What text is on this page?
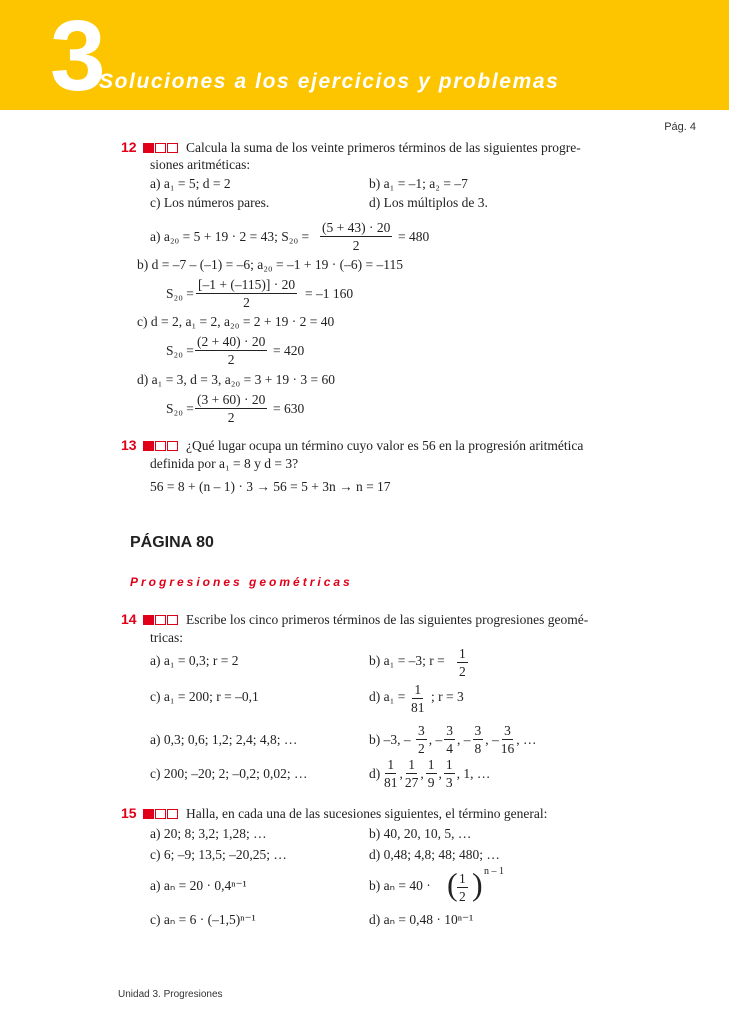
3
Soluciones a los ejercicios y problemas
Pág. 4
12	Calcula la suma de los veinte primeros términos de las siguientes progre-
siones aritméticas:
a) a₁ = 5; d = 2	b) a₁ = –1; a₂ = –7
c) Los números pares.	d) Los múltiplos de 3.
a) a₂₀ = 5 + 19 · 2 = 43; $S_{20} = \frac{(5 + 43) \cdot 20}{2} = 480$
b) d = –7 – (–1) = –6; a₂₀ = –1 + 19 · (–6) = –115
$S_{20} = \frac{[-1 + (-115)] \cdot 20}{2} = -1$ 160
c) d = 2, a₁ = 2, a₂₀ = 2 + 19 · 2 = 40
$S_{20} = \frac{(2 + 40) \cdot 20}{2} = 420$
d) a₁ = 3, d = 3, a₂₀ = 3 + 19 · 3 = 60
$S_{20} = \frac{(3 + 60) \cdot 20}{2} = 630$
13	¿Qué lugar ocupa un término cuyo valor es 56 en la progresión aritmética
definida por a₁ = 8 y d = 3?
56 = 8 + (n – 1) · 3 → 56 = 5 + 3n → n = 17
PÁGINA 80
Progresiones geométricas
14	Escribe los cinco primeros términos de las siguientes progresiones geomé-
tricas:
a) a₁ = 0,3; r = 2	b) a₁ = –3; $r = \frac{1}{2}$
c) a₁ = 200; r = –0,1	d) $a_1 = \frac{1}{81}$ ; r = 3
a) 0,3; 0,6; 1,2; 2,4; 4,8; …	b) –3, – $\frac{3}{2}$ , – $\frac{3}{4}$ , – $\frac{3}{8}$ , – $\frac{3}{16}$ , …
c) 200; –20; 2; –0,2; 0,02; …	$d) \frac{1}{81}$ , $\frac{1}{27}$ , $\frac{1}{9}$ , $\frac{1}{3}$ , 1, …
15	Halla, en cada una de las sucesiones siguientes, el término general:
a) 20; 8; 3,2; 1,28; …	b) 40, 20, 10, 5, …
c) 6; –9; 13,5; –20,25; …	d) 0,48; 4,8; 48; 480; …
a) aₙ = 20 · 0,4ⁿ⁻¹	b) aₙ = 40 · ( $\frac{1}{2}$ ) n – 1
c) aₙ = 6 · (–1,5)ⁿ⁻¹	d) aₙ = 0,48 · 10ⁿ⁻¹
Unidad 3. Progresiones
